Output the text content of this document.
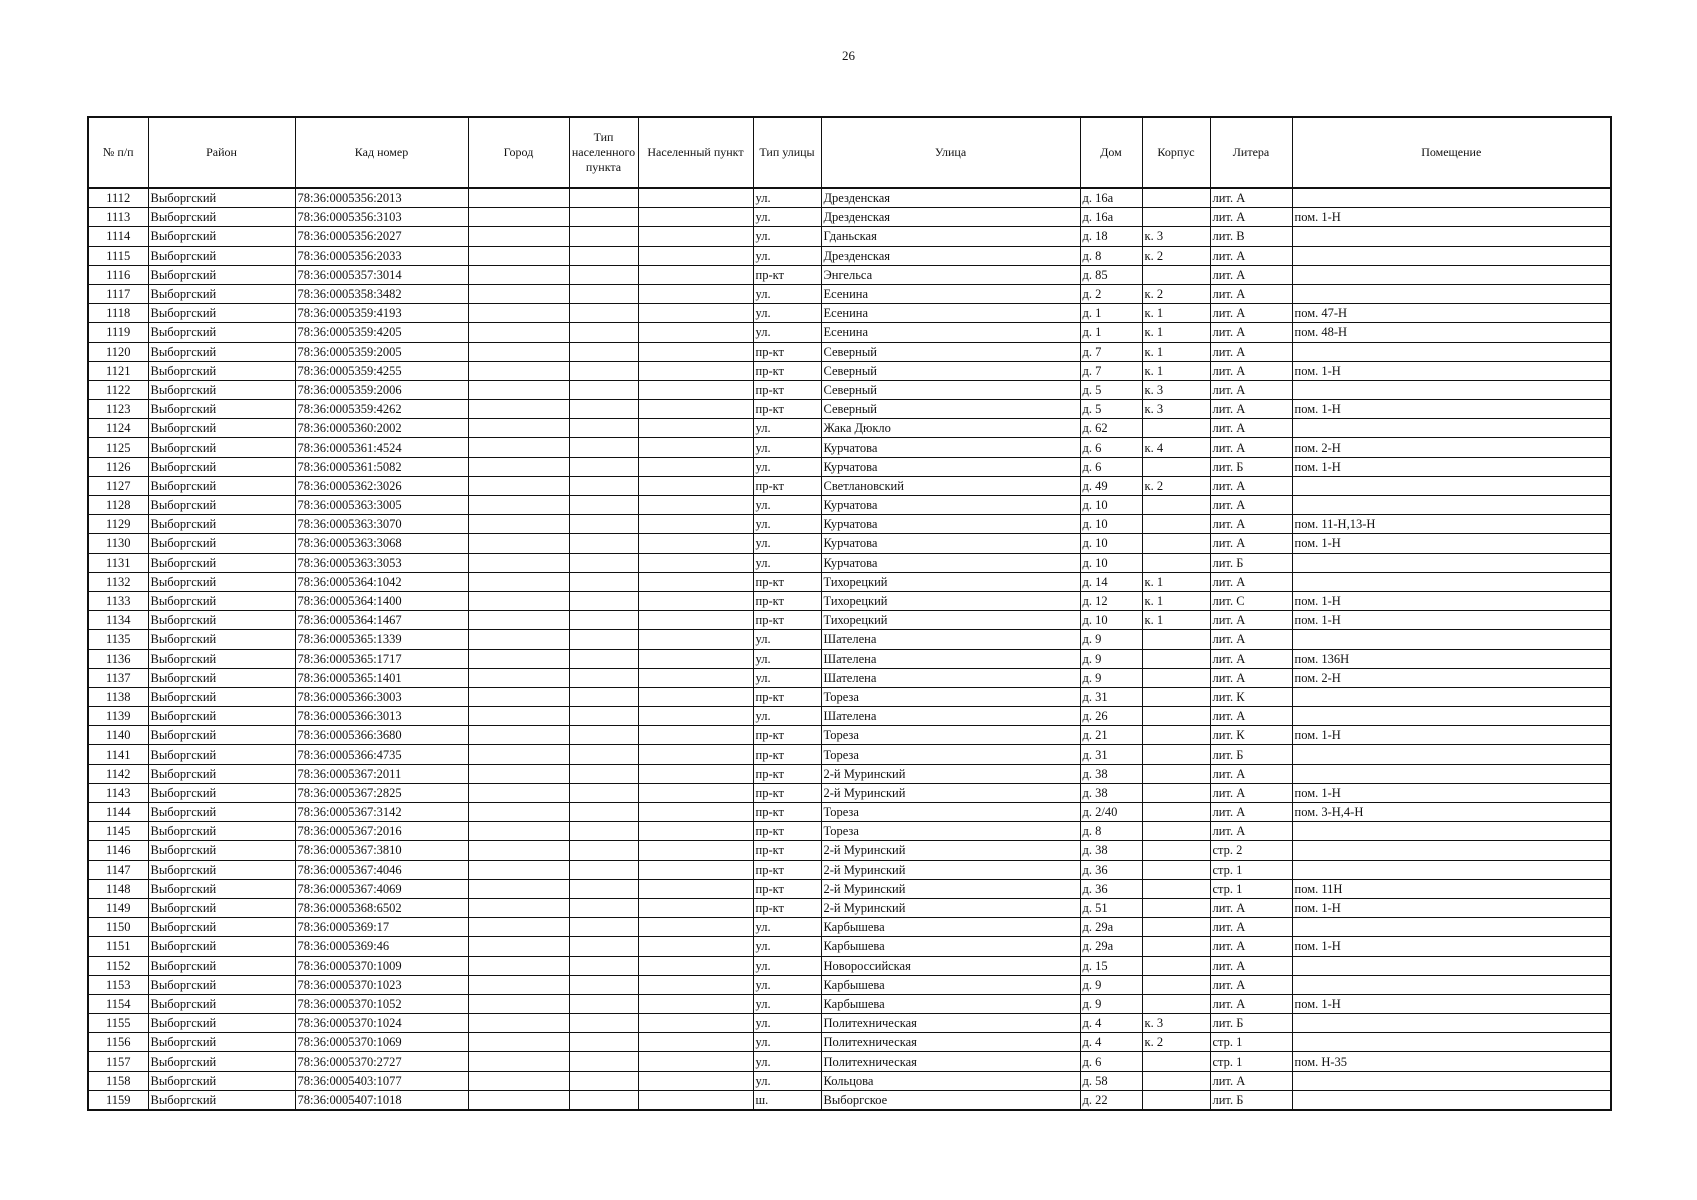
26
№ п/п	Район	Кад номер	Город	Тип населенного пункта	Населенный пункт	Тип улицы	Улица	Дом	Корпус	Литера	Помещение
1112	Выборгский	78:36:0005356:2013				ул.	Дрезденская	д. 16а		лит. А	
1113	Выборгский	78:36:0005356:3103				ул.	Дрезденская	д. 16а		лит. А	пом. 1-Н
1114	Выборгский	78:36:0005356:2027				ул.	Гданьская	д. 18	к. 3	лит. В	
1115	Выборгский	78:36:0005356:2033				ул.	Дрезденская	д. 8	к. 2	лит. А	
1116	Выборгский	78:36:0005357:3014				пр-кт	Энгельса	д. 85		лит. А	
1117	Выборгский	78:36:0005358:3482				ул.	Есенина	д. 2	к. 2	лит. А	
1118	Выборгский	78:36:0005359:4193				ул.	Есенина	д. 1	к. 1	лит. А	пом. 47-Н
1119	Выборгский	78:36:0005359:4205				ул.	Есенина	д. 1	к. 1	лит. А	пом. 48-Н
1120	Выборгский	78:36:0005359:2005				пр-кт	Северный	д. 7	к. 1	лит. А	
1121	Выборгский	78:36:0005359:4255				пр-кт	Северный	д. 7	к. 1	лит. А	пом. 1-Н
1122	Выборгский	78:36:0005359:2006				пр-кт	Северный	д. 5	к. 3	лит. А	
1123	Выборгский	78:36:0005359:4262				пр-кт	Северный	д. 5	к. 3	лит. А	пом. 1-Н
1124	Выборгский	78:36:0005360:2002				ул.	Жака Дюкло	д. 62		лит. А	
1125	Выборгский	78:36:0005361:4524				ул.	Курчатова	д. 6	к. 4	лит. А	пом. 2-Н
1126	Выборгский	78:36:0005361:5082				ул.	Курчатова	д. 6		лит. Б	пом. 1-Н
1127	Выборгский	78:36:0005362:3026				пр-кт	Светлановский	д. 49	к. 2	лит. А	
1128	Выборгский	78:36:0005363:3005				ул.	Курчатова	д. 10		лит. А	
1129	Выборгский	78:36:0005363:3070				ул.	Курчатова	д. 10		лит. А	пом. 11-Н,13-Н
1130	Выборгский	78:36:0005363:3068				ул.	Курчатова	д. 10		лит. А	пом. 1-Н
1131	Выборгский	78:36:0005363:3053				ул.	Курчатова	д. 10		лит. Б	
1132	Выборгский	78:36:0005364:1042				пр-кт	Тихорецкий	д. 14	к. 1	лит. А	
1133	Выборгский	78:36:0005364:1400				пр-кт	Тихорецкий	д. 12	к. 1	лит. С	пом. 1-Н
1134	Выборгский	78:36:0005364:1467				пр-кт	Тихорецкий	д. 10	к. 1	лит. А	пом. 1-Н
1135	Выборгский	78:36:0005365:1339				ул.	Шателена	д. 9		лит. А	
1136	Выборгский	78:36:0005365:1717				ул.	Шателена	д. 9		лит. А	пом. 136Н
1137	Выборгский	78:36:0005365:1401				ул.	Шателена	д. 9		лит. А	пом. 2-Н
1138	Выборгский	78:36:0005366:3003				пр-кт	Тореза	д. 31		лит. К	
1139	Выборгский	78:36:0005366:3013				ул.	Шателена	д. 26		лит. А	
1140	Выборгский	78:36:0005366:3680				пр-кт	Тореза	д. 21		лит. К	пом. 1-Н
1141	Выборгский	78:36:0005366:4735				пр-кт	Тореза	д. 31		лит. Б	
1142	Выборгский	78:36:0005367:2011				пр-кт	2-й Муринский	д. 38		лит. А	
1143	Выборгский	78:36:0005367:2825				пр-кт	2-й Муринский	д. 38		лит. А	пом. 1-Н
1144	Выборгский	78:36:0005367:3142				пр-кт	Тореза	д. 2/40		лит. А	пом. 3-Н,4-Н
1145	Выборгский	78:36:0005367:2016				пр-кт	Тореза	д. 8		лит. А	
1146	Выборгский	78:36:0005367:3810				пр-кт	2-й Муринский	д. 38		стр. 2	
1147	Выборгский	78:36:0005367:4046				пр-кт	2-й Муринский	д. 36		стр. 1	
1148	Выборгский	78:36:0005367:4069				пр-кт	2-й Муринский	д. 36		стр. 1	пом. 11Н
1149	Выборгский	78:36:0005368:6502				пр-кт	2-й Муринский	д. 51		лит. А	пом. 1-Н
1150	Выборгский	78:36:0005369:17				ул.	Карбышева	д. 29а		лит. А	
1151	Выборгский	78:36:0005369:46				ул.	Карбышева	д. 29а		лит. А	пом. 1-Н
1152	Выборгский	78:36:0005370:1009				ул.	Новороссийская	д. 15		лит. А	
1153	Выборгский	78:36:0005370:1023				ул.	Карбышева	д. 9		лит. А	
1154	Выборгский	78:36:0005370:1052				ул.	Карбышева	д. 9		лит. А	пом. 1-Н
1155	Выборгский	78:36:0005370:1024				ул.	Политехническая	д. 4	к. 3	лит. Б	
1156	Выборгский	78:36:0005370:1069				ул.	Политехническая	д. 4	к. 2	стр. 1	
1157	Выборгский	78:36:0005370:2727				ул.	Политехническая	д. 6		стр. 1	пом. Н-35
1158	Выборгский	78:36:0005403:1077				ул.	Кольцова	д. 58		лит. А	
1159	Выборгский	78:36:0005407:1018				ш.	Выборгское	д. 22		лит. Б	
